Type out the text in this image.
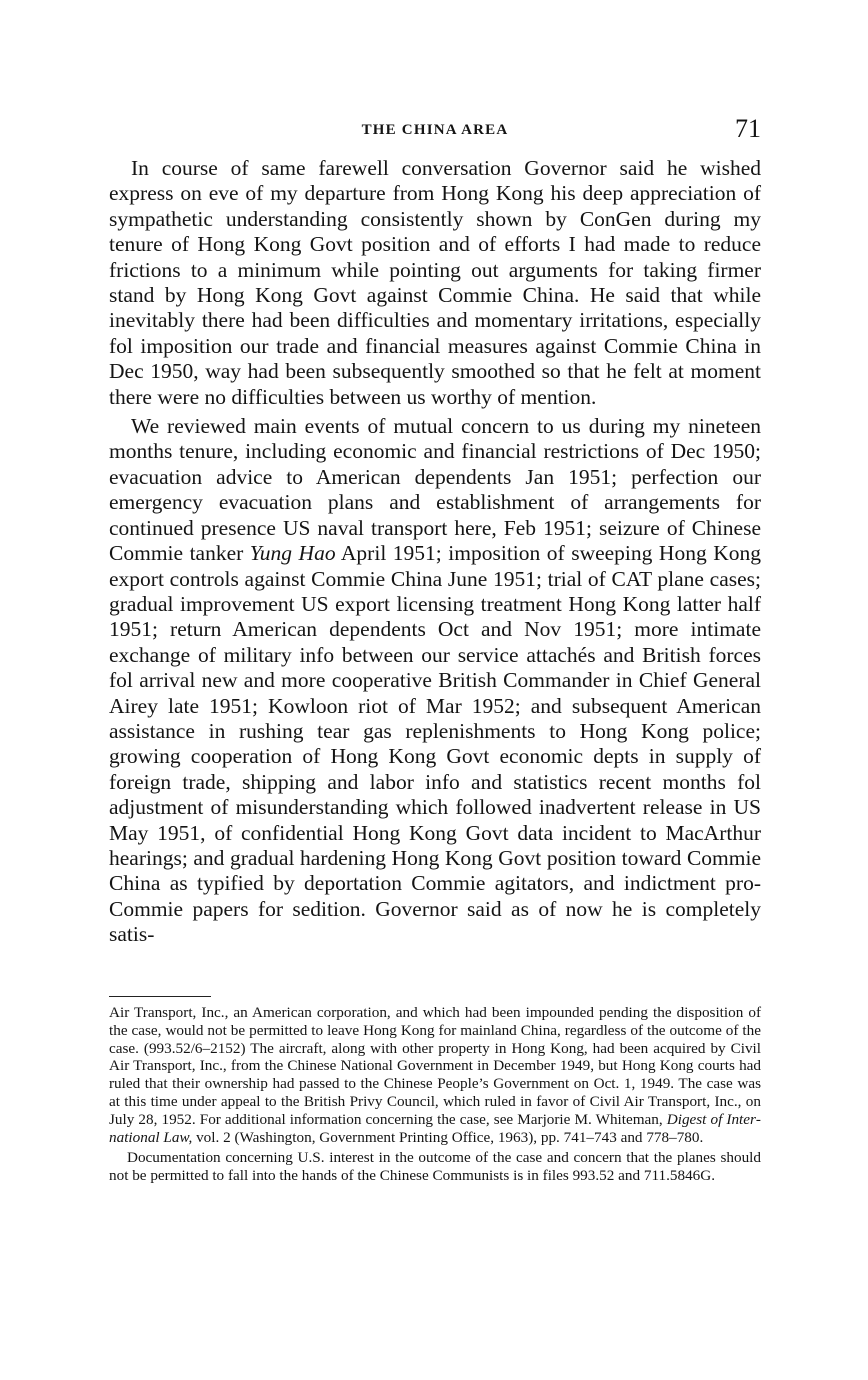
THE CHINA AREA	71

In course of same farewell conversation Governor said he wished express on eve of my departure from Hong Kong his deep appreciation of sympathetic understanding consistently shown by ConGen during my tenure of Hong Kong Govt position and of efforts I had made to reduce frictions to a minimum while pointing out arguments for taking firmer stand by Hong Kong Govt against Commie China. He said that while inevitably there had been difficulties and momentary irritations, especially fol imposition our trade and financial measures against Commie China in Dec 1950, way had been subsequently smoothed so that he felt at moment there were no difficulties between us worthy of mention.

We reviewed main events of mutual concern to us during my nineteen months tenure, including economic and financial restrictions of Dec 1950; evacuation advice to American dependents Jan 1951; perfection our emergency evacuation plans and establishment of arrangements for continued presence US naval transport here, Feb 1951; seizure of Chinese Commie tanker Yung Hao April 1951; imposition of sweeping Hong Kong export controls against Commie China June 1951; trial of CAT plane cases; gradual improvement US export licensing treatment Hong Kong latter half 1951; return American dependents Oct and Nov 1951; more intimate exchange of military info between our service attachés and British forces fol arrival new and more cooperative British Commander in Chief General Airey late 1951; Kowloon riot of Mar 1952; and subsequent American assistance in rushing tear gas replenishments to Hong Kong police; growing cooperation of Hong Kong Govt economic depts in supply of foreign trade, shipping and labor info and statistics recent months fol adjustment of misunderstanding which followed inadvertent release in US May 1951, of confidential Hong Kong Govt data incident to MacArthur hearings; and gradual hardening Hong Kong Govt position toward Commie China as typified by deportation Commie agitators, and indictment pro-Commie papers for sedition. Governor said as of now he is completely satis-

Air Transport, Inc., an American corporation, and which had been impounded pending the disposition of the case, would not be permitted to leave Hong Kong for mainland China, regardless of the outcome of the case. (993.52/6–2152) The aircraft, along with other property in Hong Kong, had been acquired by Civil Air Transport, Inc., from the Chinese National Government in December 1949, but Hong Kong courts had ruled that their ownership had passed to the Chinese People’s Government on Oct. 1, 1949. The case was at this time under appeal to the British Privy Council, which ruled in favor of Civil Air Transport, Inc., on July 28, 1952. For additional information concerning the case, see Marjorie M. Whiteman, Digest of International Law, vol. 2 (Washington, Government Printing Office, 1963), pp. 741–743 and 778–780.

Documentation concerning U.S. interest in the outcome of the case and concern that the planes should not be permitted to fall into the hands of the Chinese Communists is in files 993.52 and 711.5846G.
